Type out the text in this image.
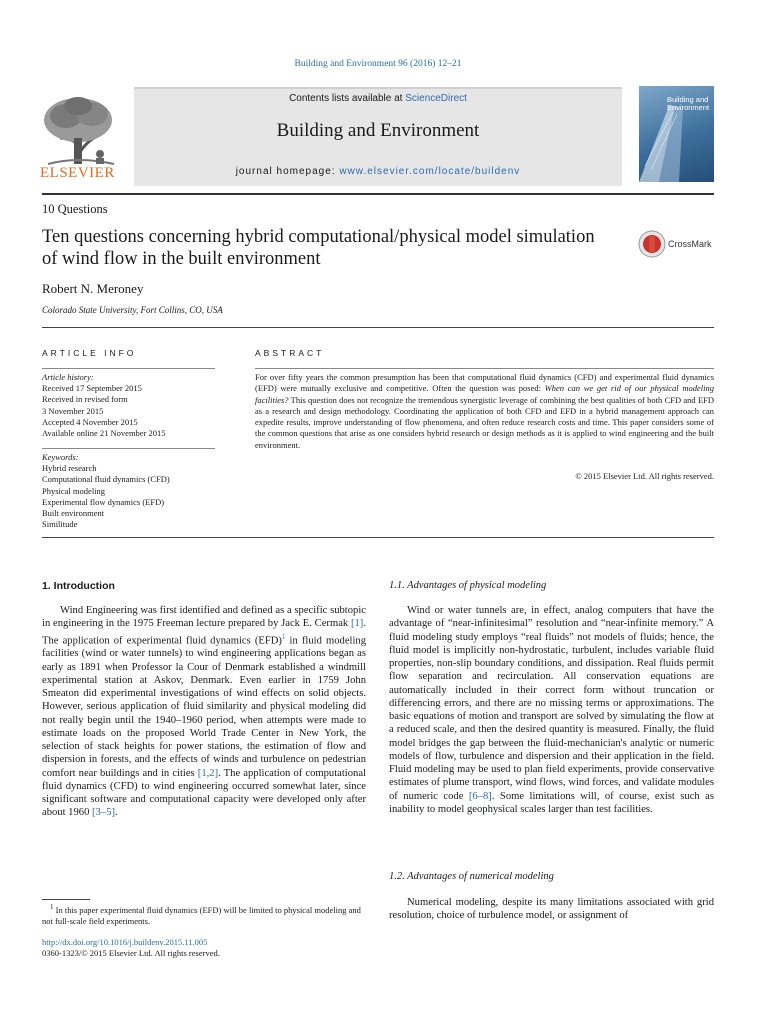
Building and Environment 96 (2016) 12–21
ELSEVIER
Contents lists available at ScienceDirect
Building and Environment
journal homepage: www.elsevier.com/locate/buildenv
Building and Environment
10 Questions
Ten questions concerning hybrid computational/physical model simulation of wind flow in the built environment
CrossMark
Robert N. Meroney
Colorado State University, Fort Collins, CO, USA
ARTICLE INFO	ABSTRACT
Article history:
Received 17 September 2015
Received in revised form
3 November 2015
Accepted 4 November 2015
Available online 21 November 2015
Keywords:
Hybrid research
Computational fluid dynamics (CFD)
Physical modeling
Experimental flow dynamics (EFD)
Built environment
Similitude
For over fifty years the common presumption has been that computational fluid dynamics (CFD) and experimental fluid dynamics (EFD) were mutually exclusive and competitive. Often the question was posed: When can we get rid of our physical modeling facilities? This question does not recognize the tremendous synergistic leverage of combining the best qualities of both CFD and EFD as a research and design methodology. Coordinating the application of both CFD and EFD in a hybrid management approach can expedite results, improve understanding of flow phenomena, and often reduce research costs and time. This paper considers some of the common questions that arise as one considers hybrid research or design methods as it is applied to wind engineering and the built environment.
© 2015 Elsevier Ltd. All rights reserved.
1. Introduction
Wind Engineering was first identified and defined as a specific subtopic in engineering in the 1975 Freeman lecture prepared by Jack E. Cermak [1]. The application of experimental fluid dynamics (EFD)$^1$ in fluid modeling facilities (wind or water tunnels) to wind engineering applications began as early as 1891 when Professor la Cour of Denmark established a windmill experimental station at Askov, Denmark. Even earlier in 1759 John Smeaton did experimental investigations of wind effects on solid objects. However, serious application of fluid similarity and physical modeling did not really begin until the 1940–1960 period, when attempts were made to estimate loads on the proposed World Trade Center in New York, the selection of stack heights for power stations, the estimation of flow and dispersion in forests, and the effects of winds and turbulence on pedestrian comfort near buildings and in cities [1,2]. The application of computational fluid dynamics (CFD) to wind engineering occurred somewhat later, since significant software and computational capacity were developed only after about 1960 [3–5].
1.1. Advantages of physical modeling
Wind or water tunnels are, in effect, analog computers that have the advantage of “near-infinitesimal” resolution and “near-infinite memory.” A fluid modeling study employs “real fluids” not models of fluids; hence, the fluid model is implicitly non-hydrostatic, turbulent, includes variable fluid properties, non-slip boundary conditions, and dissipation. Real fluids permit flow separation and recirculation. All conservation equations are automatically included in their correct form without truncation or differencing errors, and there are no missing terms or approximations. The basic equations of motion and transport are solved by simulating the flow at a reduced scale, and then the desired quantity is measured. Finally, the fluid model bridges the gap between the fluid-mechanician's analytic or numeric models of flow, turbulence and dispersion and their application in the field. Fluid modeling may be used to plan field experiments, provide conservative estimates of plume transport, wind flows, wind forces, and validate modules of numeric code [6–8]. Some limitations will, of course, exist such as inability to model geophysical scales larger than test facilities.
1.2. Advantages of numerical modeling
Numerical modeling, despite its many limitations associated with grid resolution, choice of turbulence model, or assignment of
$^1$ In this paper experimental fluid dynamics (EFD) will be limited to physical modeling and not full-scale field experiments.
http://dx.doi.org/10.1016/j.buildenv.2015.11.005
0360-1323/© 2015 Elsevier Ltd. All rights reserved.
